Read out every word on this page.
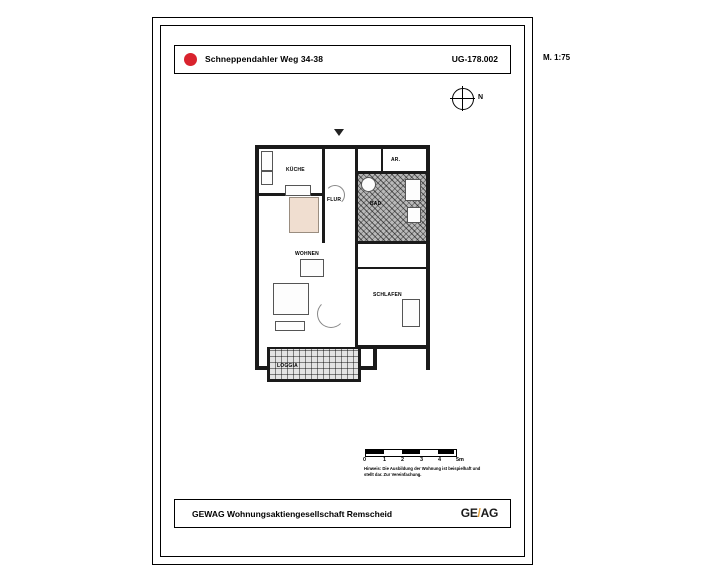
Schneppendahler Weg 34-38	UG-178.002	M. 1:75
N
KÜCHE
FLUR
AR.
BAD
WOHNEN
SCHLAFEN
LOGGIA
0	1	2	3	4	5m
Hinweis: Die Ausbildung der Wohnung ist beispielhaft und stellt dar. Zur Vereinfachung.
GEWAG Wohnungsaktiengesellschaft Remscheid	GE/AG
